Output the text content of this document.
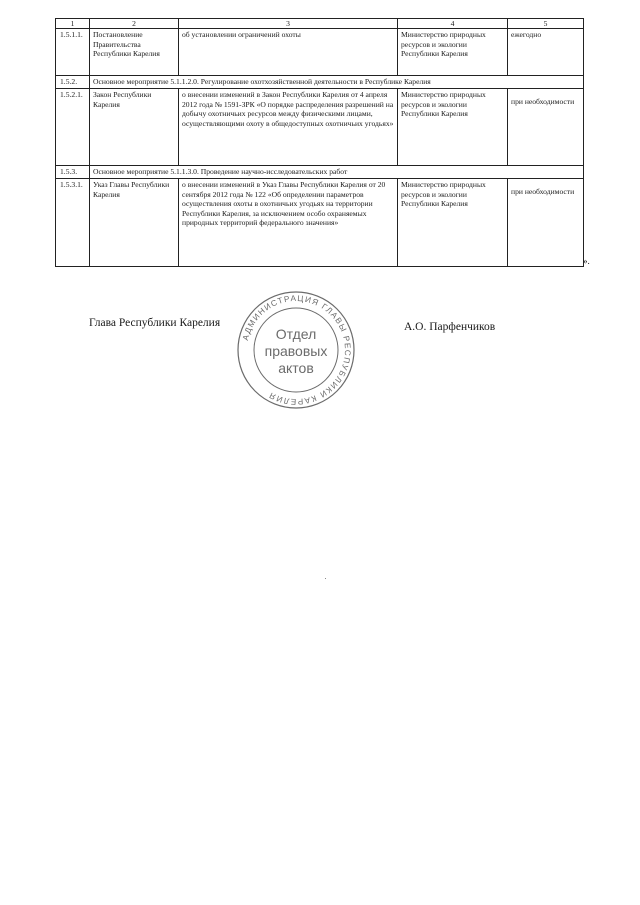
1	2	3	4	5
1.5.1.1.	Постановление Правительства Республики Карелия	об установлении ограничений охоты	Министерство природных ресурсов и экологии Республики Карелия	ежегодно
1.5.2.	Основное мероприятие 5.1.1.2.0. Регулирование охотхозяйственной деятельности в Республике Карелия			
1.5.2.1.	Закон Республики Карелия	о внесении изменений в Закон Республики Карелия от 4 апреля 2012 года № 1591-ЗРК «О порядке распределения разрешений на добычу охотничьих ресурсов между физическими лицами, осуществляющими охоту в общедоступных охотничьих угодьях»	Министерство природных ресурсов и экологии Республики Карелия	при необходимости
1.5.3.	Основное мероприятие 5.1.1.3.0. Проведение научно-исследовательских работ			
1.5.3.1.	Указ Главы Республики Карелия	о внесении изменений в Указ Главы Республики Карелия от 20 сентября 2012 года № 122 «Об определении параметров осуществления охоты в охотничьих угодьях на территории Республики Карелия, за исключением особо охраняемых природных территорий федерального значения»	Министерство природных ресурсов и экологии Республики Карелия	при необходимости
».
Глава Республики Карелия
АДМИНИСТРАЦИЯ ГЛАВЫ РЕСПУБЛИКИ КАРЕЛИЯ
Отдел
правовых
актов
А.О. Парфенчиков
